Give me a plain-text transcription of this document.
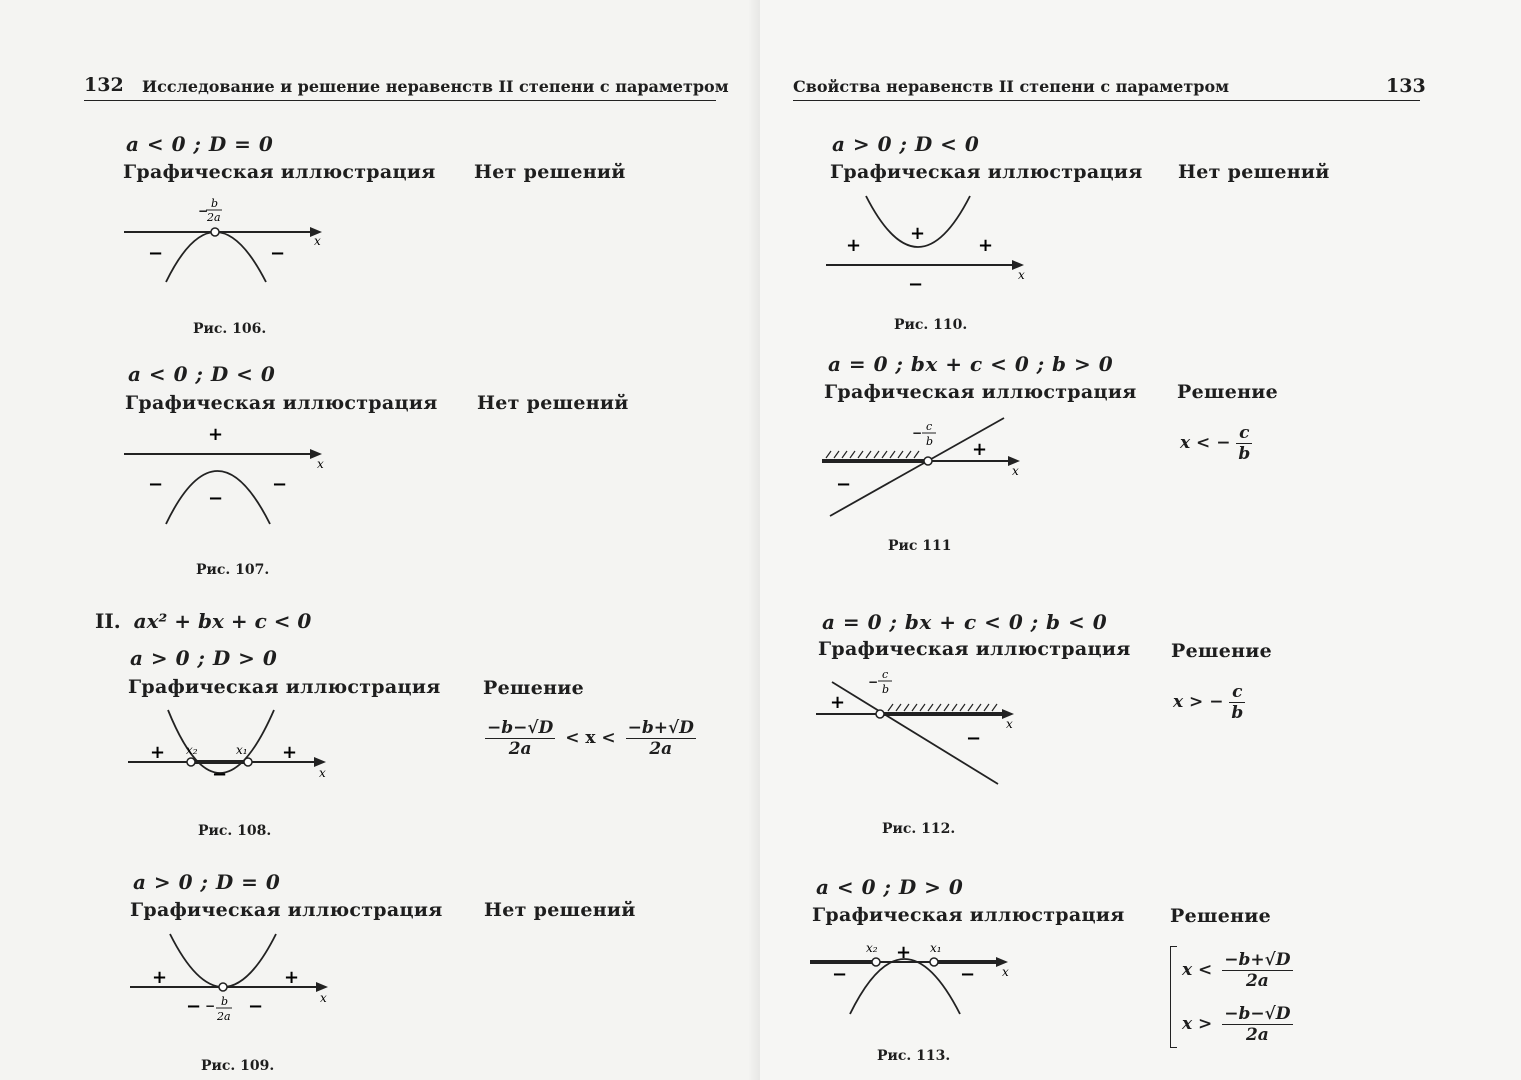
132 Исследование и решение неравенств II степени с параметром
a < 0 ; D = 0
Графическая иллюстрация Нет решений
x
−	−
−
b
2a
Рис. 106.
a < 0 ; D < 0
Графическая иллюстрация Нет решений
x
+
−
−
−
Рис. 107.
II. ax² + bx + c < 0
a > 0 ; D > 0
Графическая иллюстрация Решение
x
+	+
−
x₂	x₁	$\frac{-b-√D}{2a} < x < \frac{-b+√D}{2a}$
Рис. 108.
a > 0 ; D = 0
Графическая иллюстрация Нет решений
x
+	+
−	−
− b
2a
Рис. 109.
Свойства неравенств II степени с параметром	133
a > 0 ; D < 0
Графическая иллюстрация Нет решений
x
+
+
+
−
Рис. 110.
a = 0 ; bx + c < 0 ; b > 0
Графическая иллюстрация Решение
x
+
−
− c
b	x < − $\frac{c}{b}$
Рис 111
a = 0 ; bx + c < 0 ; b < 0
Графическая иллюстрация Решение
x
+
−
−
c
b
x > − $\frac{c}{b}$
Рис. 112.
a < 0 ; D > 0
Графическая иллюстрация Решение
x
+
−	−
x₂	x₁
$x < \frac{-b+√D}{2a}$
$x > \frac{-b-√D}{2a}$
Рис. 113.
